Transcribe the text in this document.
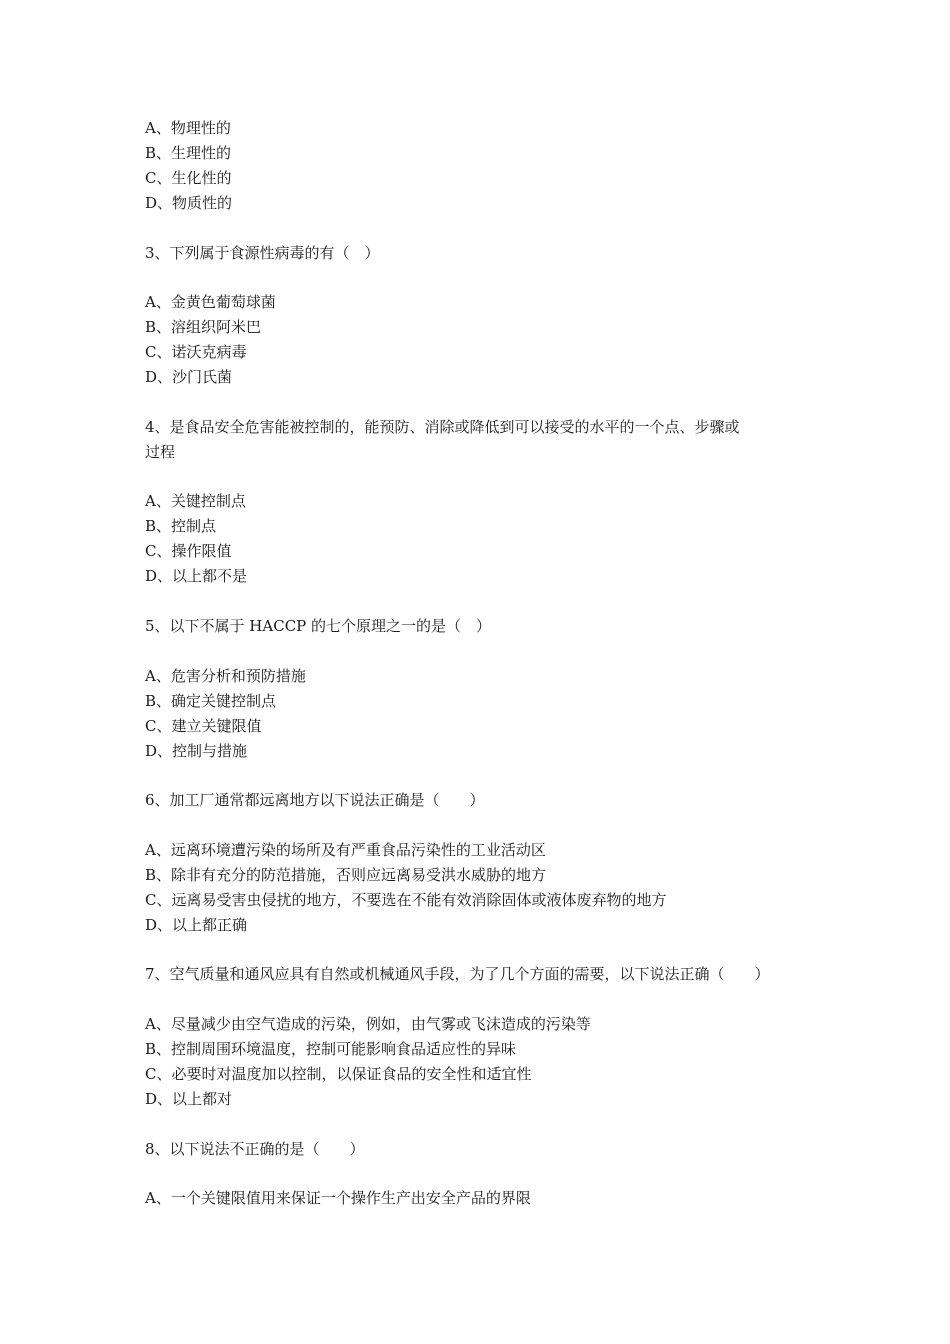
A、物理性的
B、生理性的
C、生化性的
D、物质性的
3、下列属于食源性病毒的有（　）
A、金黄色葡萄球菌
B、溶组织阿米巴
C、诺沃克病毒
D、沙门氏菌
4、是食品安全危害能被控制的，能预防、消除或降低到可以接受的水平的一个点、步骤或
过程
A、关键控制点
B、控制点
C、操作限值
D、以上都不是
5、以下不属于 HACCP 的七个原理之一的是（　）
A、危害分析和预防措施
B、确定关键控制点
C、建立关键限值
D、控制与措施
6、加工厂通常都远离地方以下说法正确是（　　）
A、远离环境遭污染的场所及有严重食品污染性的工业活动区
B、除非有充分的防范措施，否则应远离易受洪水威胁的地方
C、远离易受害虫侵扰的地方，不要选在不能有效消除固体或液体废弃物的地方
D、以上都正确
7、空气质量和通风应具有自然或机械通风手段，为了几个方面的需要，以下说法正确（　　）
A、尽量减少由空气造成的污染，例如，由气雾或飞沫造成的污染等
B、控制周围环境温度，控制可能影响食品适应性的异味
C、必要时对温度加以控制，以保证食品的安全性和适宜性
D、以上都对
8、以下说法不正确的是（　　）
A、一个关键限值用来保证一个操作生产出安全产品的界限
